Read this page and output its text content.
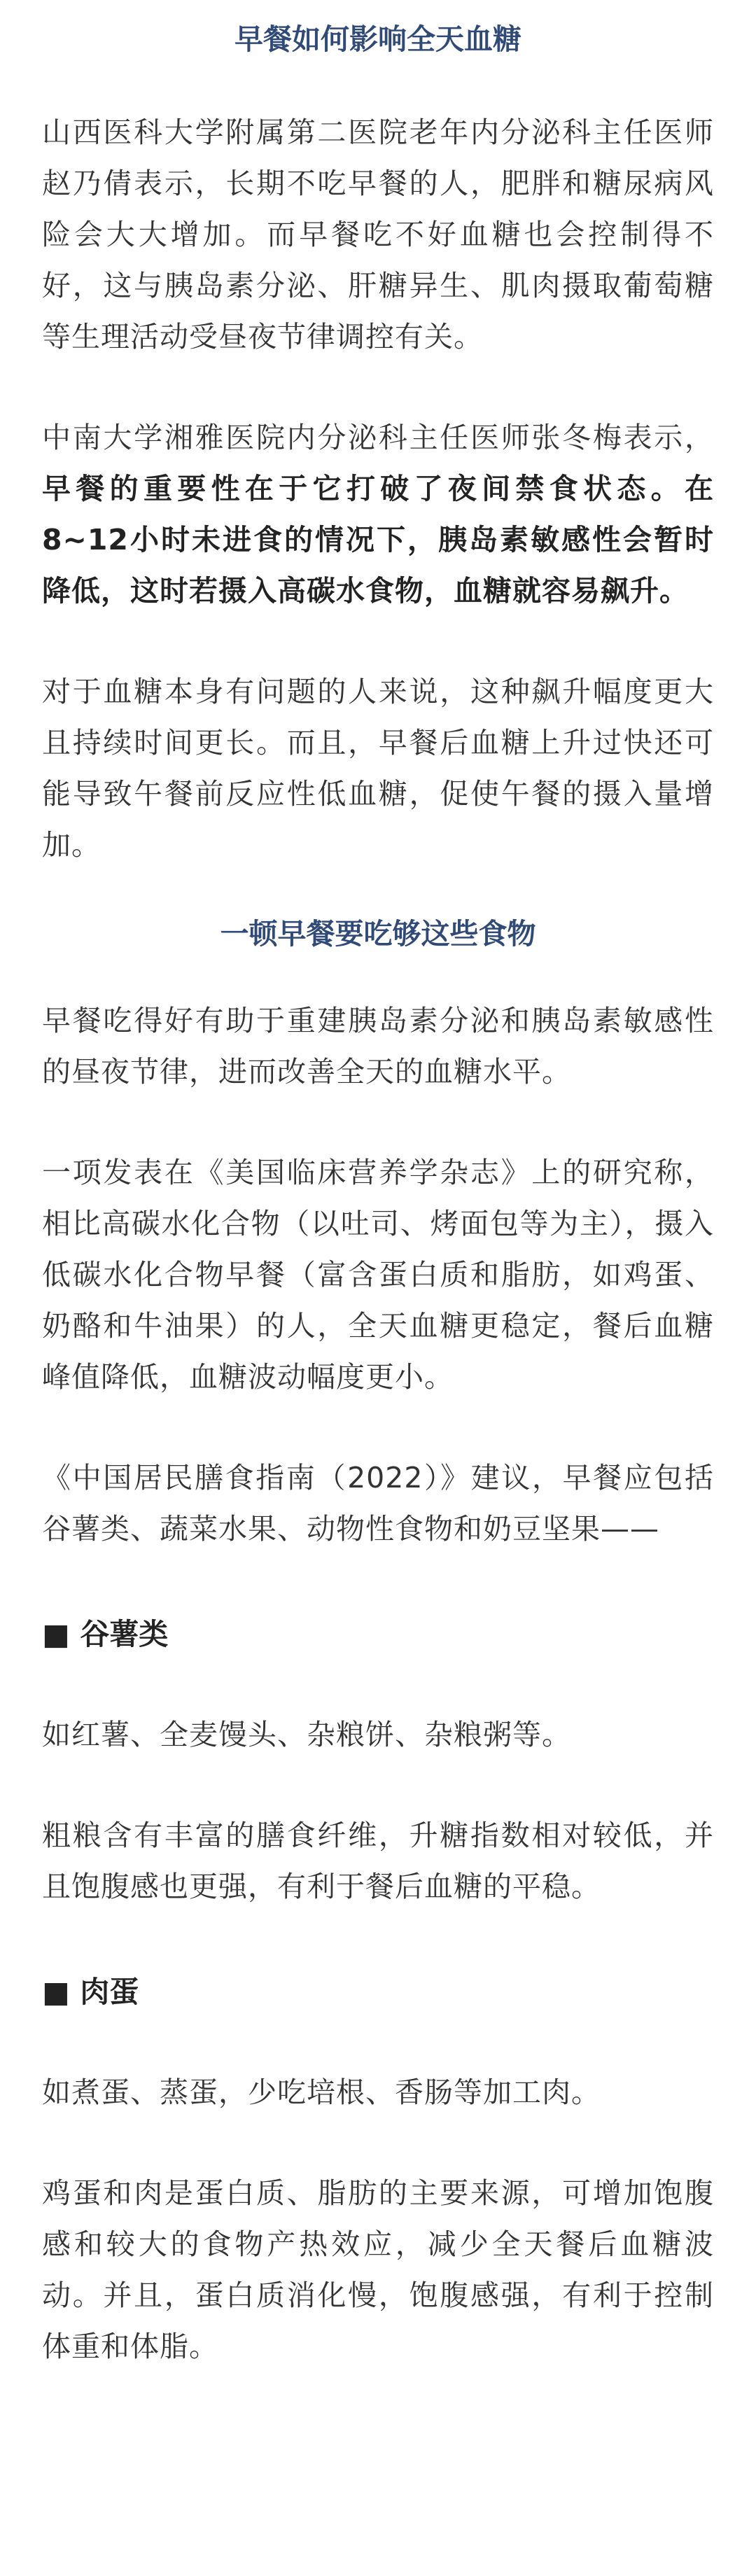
早餐如何影响全天血糖

山西医科大学附属第二医院老年内分泌科主任医师赵乃倩表示，长期不吃早餐的人，肥胖和糖尿病风险会大大增加。而早餐吃不好血糖也会控制得不好，这与胰岛素分泌、肝糖异生、肌肉摄取葡萄糖等生理活动受昼夜节律调控有关。

中南大学湘雅医院内分泌科主任医师张冬梅表示，早餐的重要性在于它打破了夜间禁食状态。在8~12小时未进食的情况下，胰岛素敏感性会暂时降低，这时若摄入高碳水食物，血糖就容易飙升。

对于血糖本身有问题的人来说，这种飙升幅度更大且持续时间更长。而且，早餐后血糖上升过快还可能导致午餐前反应性低血糖，促使午餐的摄入量增加。

一顿早餐要吃够这些食物

早餐吃得好有助于重建胰岛素分泌和胰岛素敏感性的昼夜节律，进而改善全天的血糖水平。

一项发表在《美国临床营养学杂志》上的研究称，相比高碳水化合物（以吐司、烤面包等为主），摄入低碳水化合物早餐（富含蛋白质和脂肪，如鸡蛋、奶酪和牛油果）的人，全天血糖更稳定，餐后血糖峰值降低，血糖波动幅度更小。

《中国居民膳食指南（2022）》建议，早餐应包括谷薯类、蔬菜水果、动物性食物和奶豆坚果——

■ 谷薯类

如红薯、全麦馒头、杂粮饼、杂粮粥等。

粗粮含有丰富的膳食纤维，升糖指数相对较低，并且饱腹感也更强，有利于餐后血糖的平稳。

■ 肉蛋

如煮蛋、蒸蛋，少吃培根、香肠等加工肉。

鸡蛋和肉是蛋白质、脂肪的主要来源，可增加饱腹感和较大的食物产热效应，减少全天餐后血糖波动。并且，蛋白质消化慢，饱腹感强，有利于控制体重和体脂。
